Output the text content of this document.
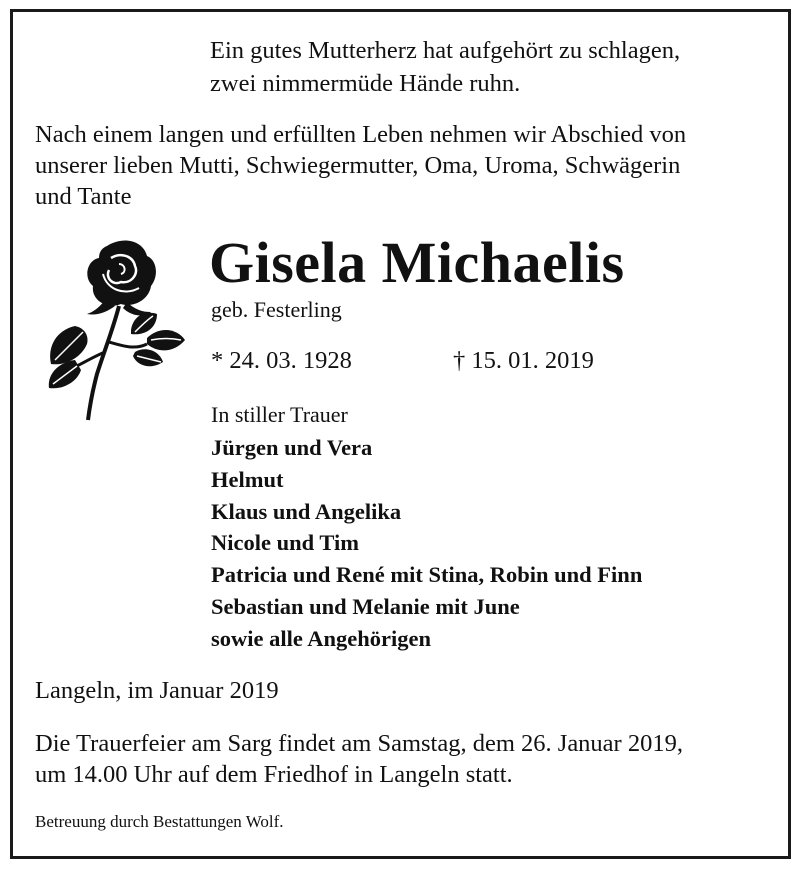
Ein gutes Mutterherz hat aufgehört zu schlagen,
zwei nimmermüde Hände ruhn.
Nach einem langen und erfüllten Leben nehmen wir Abschied von
unserer lieben Mutti, Schwiegermutter, Oma, Uroma, Schwägerin
und Tante
Gisela Michaelis
geb. Festerling
* 24. 03. 1928	† 15. 01. 2019
In stiller Trauer
Jürgen und Vera
Helmut
Klaus und Angelika
Nicole und Tim
Patricia und René mit Stina, Robin und Finn
Sebastian und Melanie mit June
sowie alle Angehörigen
Langeln, im Januar 2019
Die Trauerfeier am Sarg findet am Samstag, dem 26. Januar 2019,
um 14.00 Uhr auf dem Friedhof in Langeln statt.
Betreuung durch Bestattungen Wolf.
